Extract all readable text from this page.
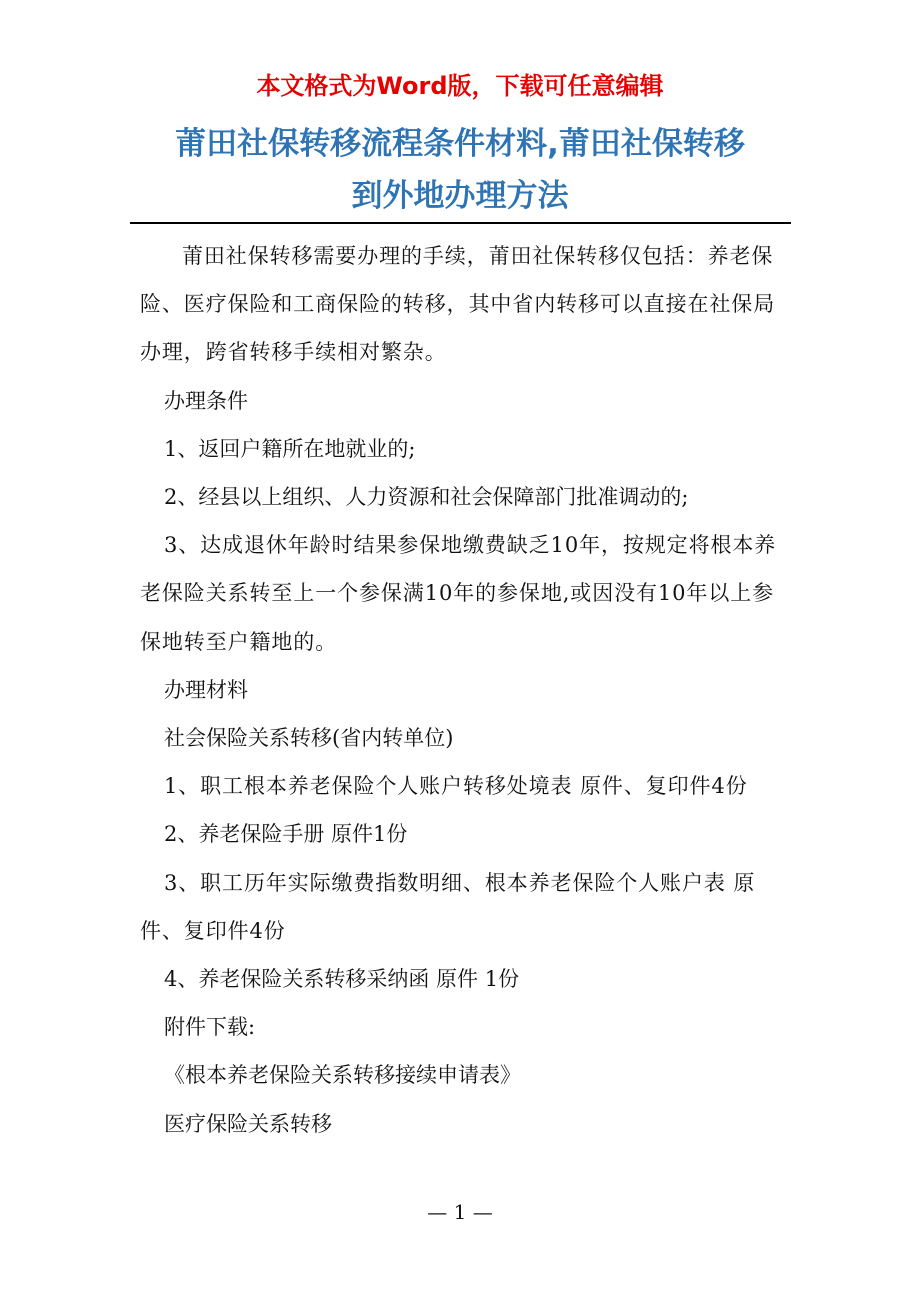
本文格式为Word版，下载可任意编辑
莆田社保转移流程条件材料,莆田社保转移
到外地办理方法

莆田社保转移需要办理的手续，莆田社保转移仅包括：养老保险、医疗保险和工商保险的转移，其中省内转移可以直接在社保局办理，跨省转移手续相对繁杂。

办理条件

1、返回户籍所在地就业的;

2、经县以上组织、人力资源和社会保障部门批准调动的;

3、达成退休年龄时结果参保地缴费缺乏10年，按规定将根本养老保险关系转至上一个参保满10年的参保地,或因没有10年以上参保地转至户籍地的。

办理材料

社会保险关系转移(省内转单位)

1、职工根本养老保险个人账户转移处境表 原件、复印件4份

2、养老保险手册 原件1份

3、职工历年实际缴费指数明细、根本养老保险个人账户表 原件、复印件4份

4、养老保险关系转移采纳函 原件 1份

附件下载:

《根本养老保险关系转移接续申请表》

医疗保险关系转移

— 1 —
